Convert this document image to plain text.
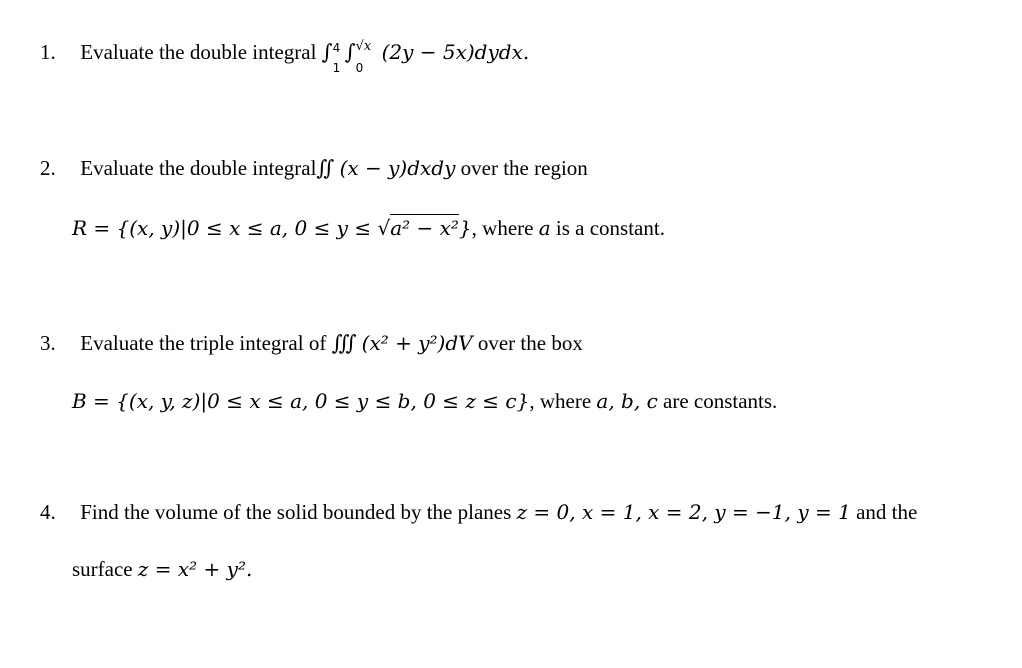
1. Evaluate the double integral ∫ 4
1
∫ √x
0
(2y − 5x)dydx.
2. Evaluate the double integral∬ (x − y)dxdy over the region
R = {(x, y)|0 ≤ x ≤ a, 0 ≤ y ≤ √a² − x²}, where a is a constant.
3. Evaluate the triple integral of ∭ (x² + y²)dV over the box
B = {(x, y, z)|0 ≤ x ≤ a, 0 ≤ y ≤ b, 0 ≤ z ≤ c}, where a, b, c are constants.
4. Find the volume of the solid bounded by the planes z = 0, x = 1, x = 2, y = −1, y = 1 and the
surface z = x² + y².
